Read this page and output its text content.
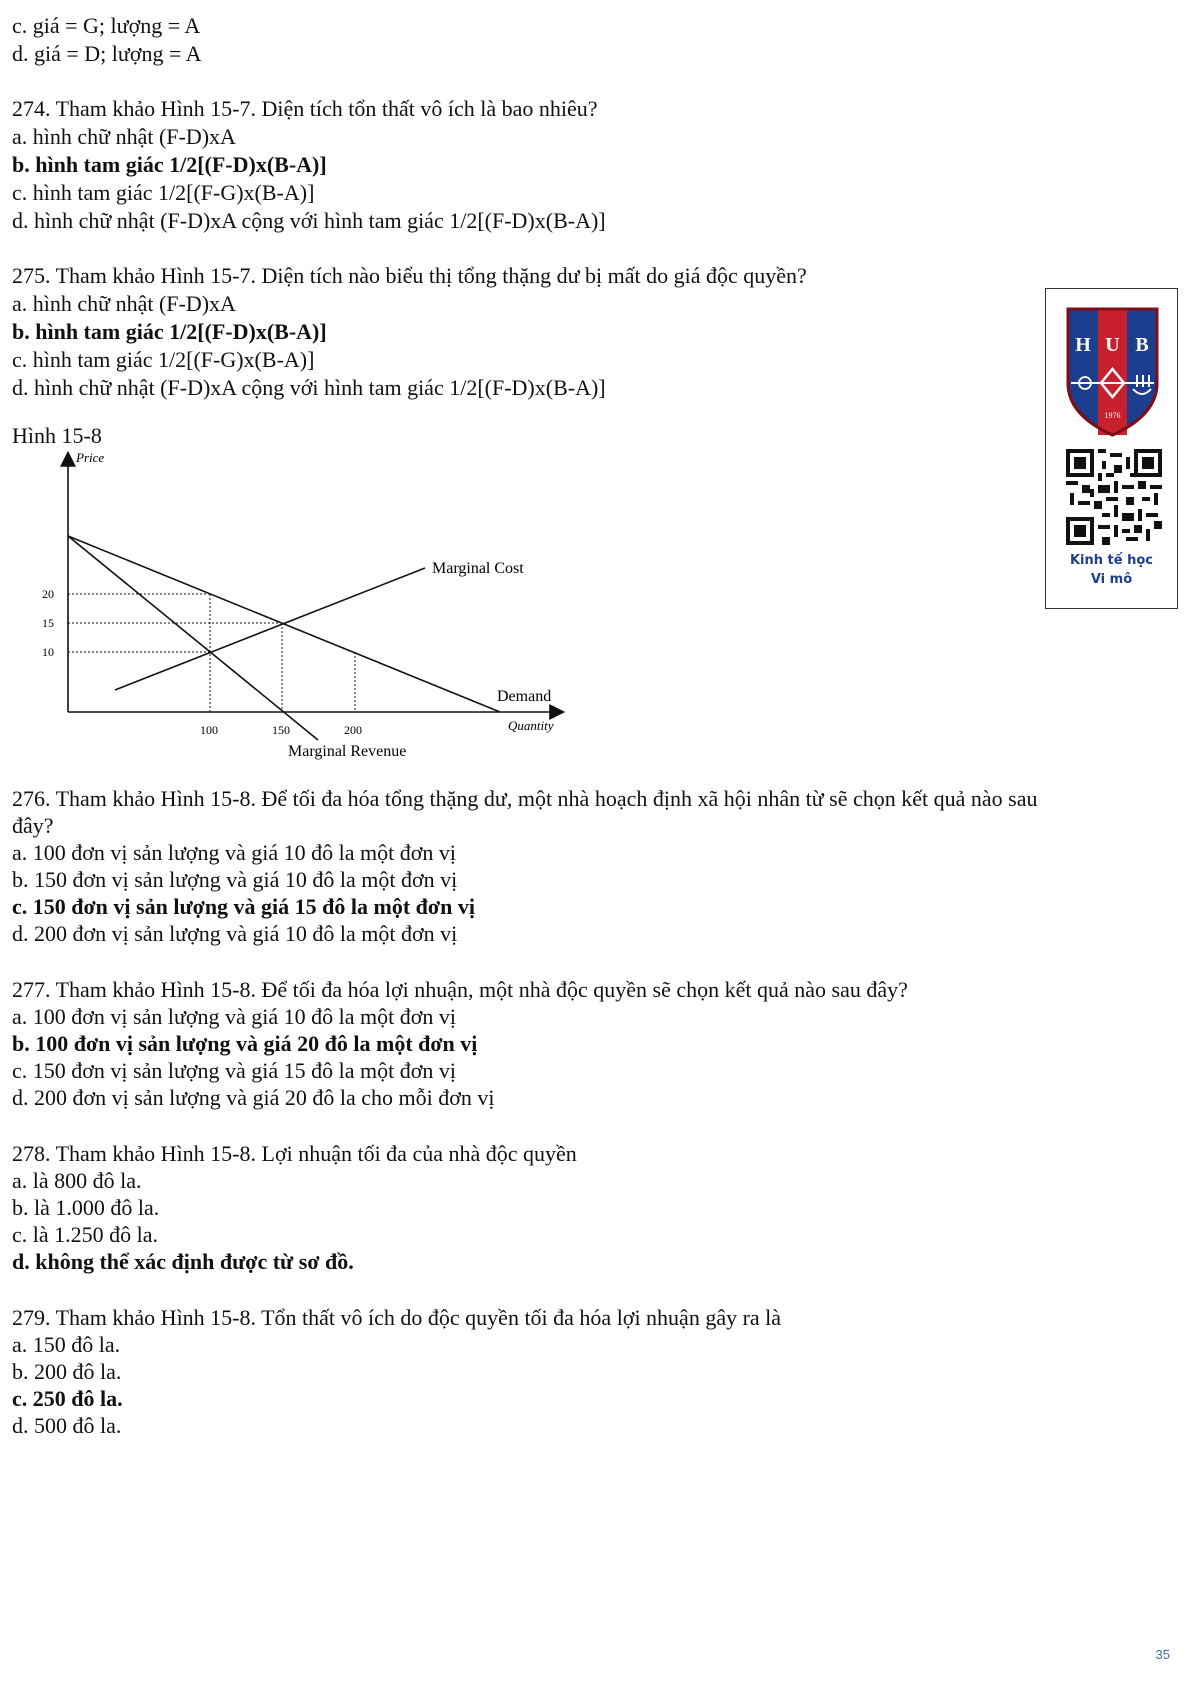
c. giá = G; lượng = A
d. giá = D; lượng = A
274. Tham khảo Hình 15-7. Diện tích tổn thất vô ích là bao nhiêu?
a. hình chữ nhật (F-D)xA
b. hình tam giác 1/2[(F-D)x(B-A)]
c. hình tam giác 1/2[(F-G)x(B-A)]
d. hình chữ nhật (F-D)xA cộng với hình tam giác 1/2[(F-D)x(B-A)]
275. Tham khảo Hình 15-7. Diện tích nào biểu thị tổng thặng dư bị mất do giá độc quyền?
a. hình chữ nhật (F-D)xA
b. hình tam giác 1/2[(F-D)x(B-A)]
c. hình tam giác 1/2[(F-G)x(B-A)]
d. hình chữ nhật (F-D)xA cộng với hình tam giác 1/2[(F-D)x(B-A)]
Hình 15-8
Price
Quantity
20
15
10
100	150	200
Marginal Cost
Demand
Marginal Revenue
H U B
1976
Kinh tế học
Vi mô
276. Tham khảo Hình 15-8. Để tối đa hóa tổng thặng dư, một nhà hoạch định xã hội nhân từ sẽ chọn kết quả nào sau
đây?
a. 100 đơn vị sản lượng và giá 10 đô la một đơn vị
b. 150 đơn vị sản lượng và giá 10 đô la một đơn vị
c. 150 đơn vị sản lượng và giá 15 đô la một đơn vị
d. 200 đơn vị sản lượng và giá 10 đô la một đơn vị
277. Tham khảo Hình 15-8. Để tối đa hóa lợi nhuận, một nhà độc quyền sẽ chọn kết quả nào sau đây?
a. 100 đơn vị sản lượng và giá 10 đô la một đơn vị
b. 100 đơn vị sản lượng và giá 20 đô la một đơn vị
c. 150 đơn vị sản lượng và giá 15 đô la một đơn vị
d. 200 đơn vị sản lượng và giá 20 đô la cho mỗi đơn vị
278. Tham khảo Hình 15-8. Lợi nhuận tối đa của nhà độc quyền
a. là 800 đô la.
b. là 1.000 đô la.
c. là 1.250 đô la.
d. không thể xác định được từ sơ đồ.
279. Tham khảo Hình 15-8. Tổn thất vô ích do độc quyền tối đa hóa lợi nhuận gây ra là
a. 150 đô la.
b. 200 đô la.
c. 250 đô la.
d. 500 đô la.
35
